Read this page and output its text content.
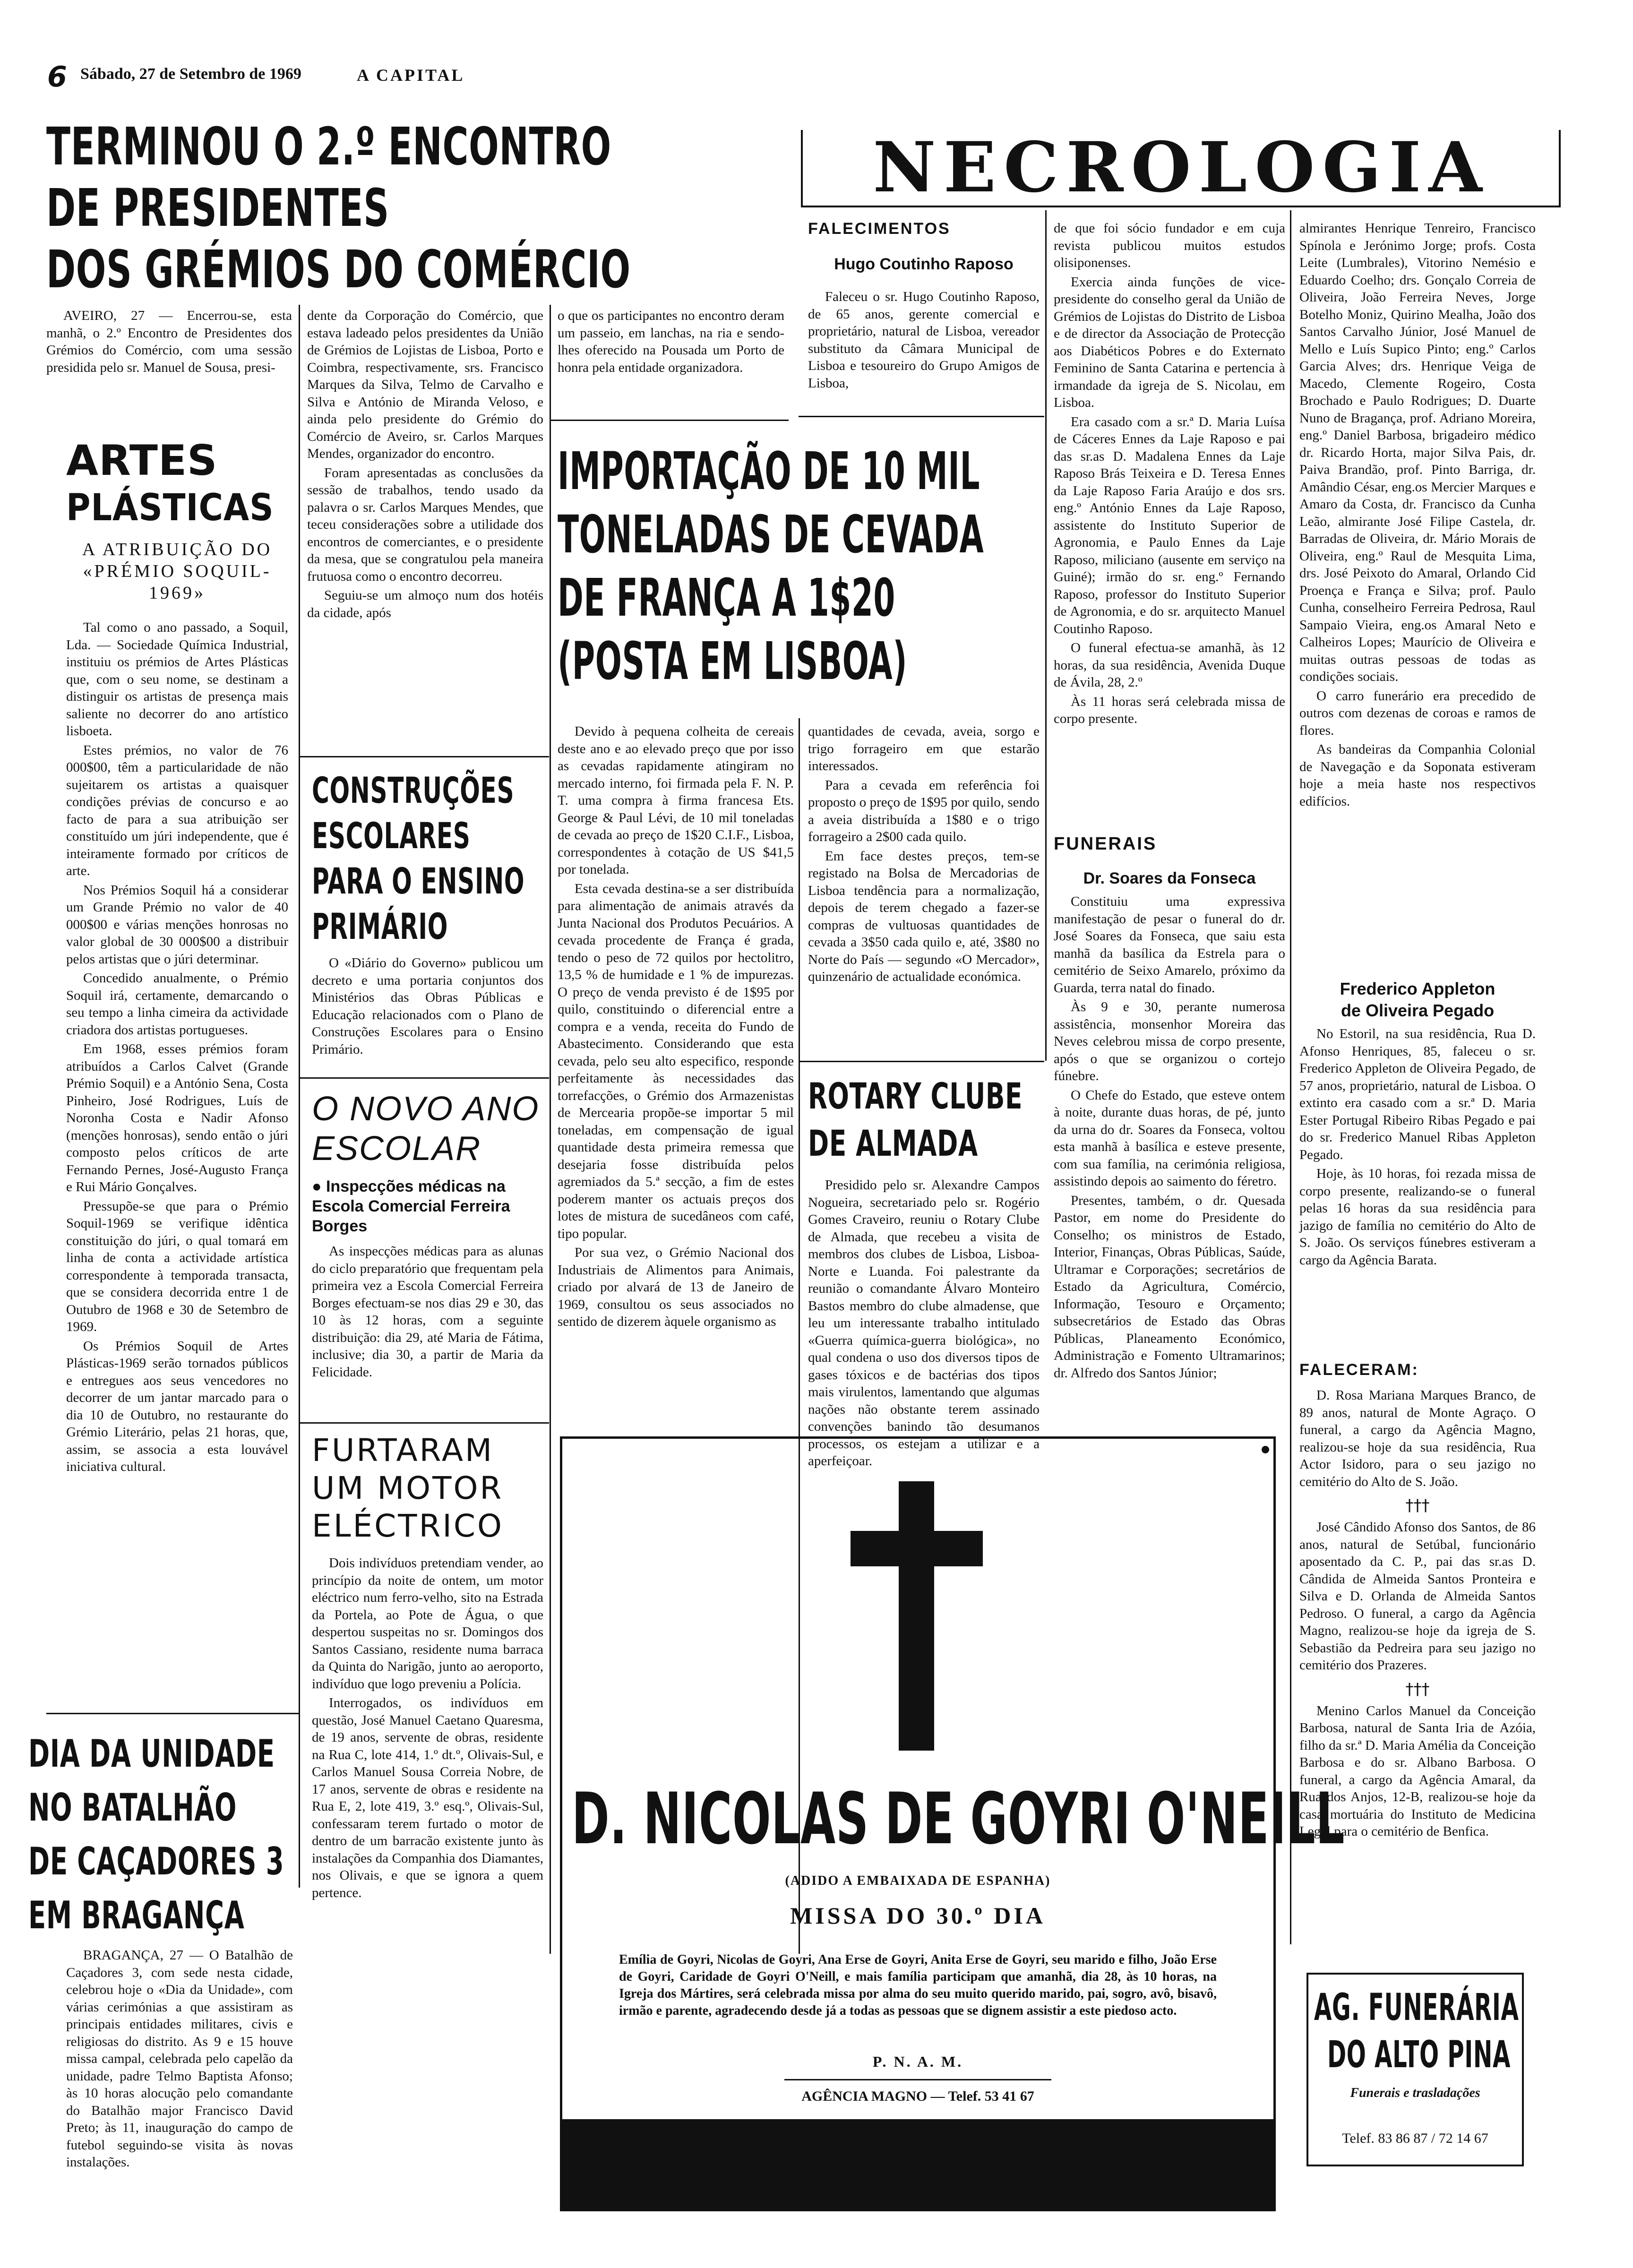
6 Sábado, 27 de Setembro de 1969	A CAPITAL
TERMINOU O 2.º ENCONTRO
DE PRESIDENTES
DOS GRÉMIOS DO COMÉRCIO

AVEIRO, 27 — Encerrou-se, esta manhã, o 2.º Encontro de Presidentes dos Grémios do Comércio, com uma sessão presidida pelo sr. Manuel de Sousa, presi-

dente da Corporação do Comércio, que estava ladeado pelos presidentes da União de Grémios de Lojistas de Lisboa, Porto e Coimbra, respectivamente, srs. Francisco Marques da Silva, Telmo de Carvalho e Silva e António de Miranda Veloso, e ainda pelo presidente do Grémio do Comércio de Aveiro, sr. Carlos Marques Mendes, organizador do encontro.

Foram apresentadas as conclusões da sessão de trabalhos, tendo usado da palavra o sr. Carlos Marques Mendes, que teceu considerações sobre a utilidade dos encontros de comerciantes, e o presidente da mesa, que se congratulou pela maneira frutuosa como o encontro decorreu.

Seguiu-se um almoço num dos hotéis da cidade, após

o que os participantes no encontro deram um passeio, em lanchas, na ria e sendo-lhes oferecido na Pousada um Porto de honra pela entidade organizadora.

ARTES
PLÁSTICAS
A ATRIBUIÇÃO DO «PRÉMIO SOQUIL-1969»

Tal como o ano passado, a Soquil, Lda. — Sociedade Química Industrial, instituiu os prémios de Artes Plásticas que, com o seu nome, se destinam a distinguir os artistas de presença mais saliente no decorrer do ano artístico lisboeta.

Estes prémios, no valor de 76 000$00, têm a particularidade de não sujeitarem os artistas a quaisquer condições prévias de concurso e ao facto de para a sua atribuição ser constituído um júri independente, que é inteiramente formado por críticos de arte.

Nos Prémios Soquil há a considerar um Grande Prémio no valor de 40 000$00 e várias menções honrosas no valor global de 30 000$00 a distribuir pelos artistas que o júri determinar.

Concedido anualmente, o Prémio Soquil irá, certamente, demarcando o seu tempo a linha cimeira da actividade criadora dos artistas portugueses.

Em 1968, esses prémios foram atribuídos a Carlos Calvet (Grande Prémio Soquil) e a António Sena, Costa Pinheiro, José Rodrigues, Luís de Noronha Costa e Nadir Afonso (menções honrosas), sendo então o júri composto pelos críticos de arte Fernando Pernes, José-Augusto França e Rui Mário Gonçalves.

Pressupõe-se que para o Prémio Soquil-1969 se verifique idêntica constituição do júri, o qual tomará em linha de conta a actividade artística correspondente à temporada transacta, que se considera decorrida entre 1 de Outubro de 1968 e 30 de Setembro de 1969.

Os Prémios Soquil de Artes Plásticas-1969 serão tornados públicos e entregues aos seus vencedores no decorrer de um jantar marcado para o dia 10 de Outubro, no restaurante do Grémio Literário, pelas 21 horas, que, assim, se associa a esta louvável iniciativa cultural.

DIA DA UNIDADE
NO BATALHÃO
DE CAÇADORES 3
EM BRAGANÇA

BRAGANÇA, 27 — O Batalhão de Caçadores 3, com sede nesta cidade, celebrou hoje o «Dia da Unidade», com várias cerimónias a que assistiram as principais entidades militares, civis e religiosas do distrito. As 9 e 15 houve missa campal, celebrada pelo capelão da unidade, padre Telmo Baptista Afonso; às 10 horas alocução pelo comandante do Batalhão major Francisco David Preto; às 11, inauguração do campo de futebol seguindo-se visita às novas instalações.

CONSTRUÇÕES
ESCOLARES
PARA O ENSINO
PRIMÁRIO

O «Diário do Governo» publicou um decreto e uma portaria conjuntos dos Ministérios das Obras Públicas e Educação relacionados com o Plano de Construções Escolares para o Ensino Primário.

O NOVO ANO
ESCOLAR
● Inspecções médicas na Escola Comercial Ferreira Borges

As inspecções médicas para as alunas do ciclo preparatório que frequentam pela primeira vez a Escola Comercial Ferreira Borges efectuam-se nos dias 29 e 30, das 10 às 12 horas, com a seguinte distribuição: dia 29, até Maria de Fátima, inclusive; dia 30, a partir de Maria da Felicidade.

FURTARAM
UM MOTOR
ELÉCTRICO

Dois indivíduos pretendiam vender, ao princípio da noite de ontem, um motor eléctrico num ferro-velho, sito na Estrada da Portela, ao Pote de Água, o que despertou suspeitas no sr. Domingos dos Santos Cassiano, residente numa barraca da Quinta do Narigão, junto ao aeroporto, indivíduo que logo preveniu a Polícia.

Interrogados, os indivíduos em questão, José Manuel Caetano Quaresma, de 19 anos, servente de obras, residente na Rua C, lote 414, 1.º dt.º, Olivais-Sul, e Carlos Manuel Sousa Correia Nobre, de 17 anos, servente de obras e residente na Rua E, 2, lote 419, 3.º esq.º, Olivais-Sul, confessaram terem furtado o motor de dentro de um barracão existente junto às instalações da Companhia dos Diamantes, nos Olivais, e que se ignora a quem pertence.

IMPORTAÇÃO DE 10 MIL
TONELADAS DE CEVADA
DE FRANÇA A 1$20
(POSTA EM LISBOA)

Devido à pequena colheita de cereais deste ano e ao elevado preço que por isso as cevadas rapidamente atingiram no mercado interno, foi firmada pela F. N. P. T. uma compra à firma francesa Ets. George & Paul Lévi, de 10 mil toneladas de cevada ao preço de 1$20 C.I.F., Lisboa, correspondentes à cotação de US $41,5 por tonelada.

Esta cevada destina-se a ser distribuída para alimentação de animais através da Junta Nacional dos Produtos Pecuários. A cevada procedente de França é grada, tendo o peso de 72 quilos por hectolitro, 13,5 % de humidade e 1 % de impurezas. O preço de venda previsto é de 1$95 por quilo, constituindo o diferencial entre a compra e a venda, receita do Fundo de Abastecimento. Considerando que esta cevada, pelo seu alto especifico, responde perfeitamente às necessidades das torrefacções, o Grémio dos Armazenistas de Mercearia propõe-se importar 5 mil toneladas, em compensação de igual quantidade desta primeira remessa que desejaria fosse distribuída pelos agremiados da 5.ª secção, a fim de estes poderem manter os actuais preços dos lotes de mistura de sucedâneos com café, tipo popular.

Por sua vez, o Grémio Nacional dos Industriais de Alimentos para Animais, criado por alvará de 13 de Janeiro de 1969, consultou os seus associados no sentido de dizerem àquele organismo as

quantidades de cevada, aveia, sorgo e trigo forrageiro em que estarão interessados.

Para a cevada em referência foi proposto o preço de 1$95 por quilo, sendo a aveia distribuída a 1$80 e o trigo forrageiro a 2$00 cada quilo.

Em face destes preços, tem-se registado na Bolsa de Mercadorias de Lisboa tendência para a normalização, depois de terem chegado a fazer-se compras de vultuosas quantidades de cevada a 3$50 cada quilo e, até, 3$80 no Norte do País — segundo «O Mercador», quinzenário de actualidade económica.

ROTARY CLUBE
DE ALMADA

Presidido pelo sr. Alexandre Campos Nogueira, secretariado pelo sr. Rogério Gomes Craveiro, reuniu o Rotary Clube de Almada, que recebeu a visita de membros dos clubes de Lisboa, Lisboa-Norte e Luanda. Foi palestrante da reunião o comandante Álvaro Monteiro Bastos membro do clube almadense, que leu um interessante trabalho intitulado «Guerra química-guerra biológica», no qual condena o uso dos diversos tipos de gases tóxicos e de bactérias dos tipos mais virulentos, lamentando que algumas nações não obstante terem assinado convenções banindo tão desumanos processos, os estejam a utilizar e a aperfeiçoar.

NECROLOGIA
FALECIMENTOS
Hugo Coutinho Raposo

Faleceu o sr. Hugo Coutinho Raposo, de 65 anos, gerente comercial e proprietário, natural de Lisboa, vereador substituto da Câmara Municipal de Lisboa e tesoureiro do Grupo Amigos de Lisboa,

de que foi sócio fundador e em cuja revista publicou muitos estudos olisiponenses.

Exercia ainda funções de vice-presidente do conselho geral da União de Grémios de Lojistas do Distrito de Lisboa e de director da Associação de Protecção aos Diabéticos Pobres e do Externato Feminino de Santa Catarina e pertencia à irmandade da igreja de S. Nicolau, em Lisboa.

Era casado com a sr.ª D. Maria Luísa de Cáceres Ennes da Laje Raposo e pai das sr.as D. Madalena Ennes da Laje Raposo Brás Teixeira e D. Teresa Ennes da Laje Raposo Faria Araújo e dos srs. eng.º António Ennes da Laje Raposo, assistente do Instituto Superior de Agronomia, e Paulo Ennes da Laje Raposo, miliciano (ausente em serviço na Guiné); irmão do sr. eng.º Fernando Raposo, professor do Instituto Superior de Agronomia, e do sr. arquitecto Manuel Coutinho Raposo.

O funeral efectua-se amanhã, às 12 horas, da sua residência, Avenida Duque de Ávila, 28, 2.º

Às 11 horas será celebrada missa de corpo presente.

FUNERAIS
Dr. Soares da Fonseca

Constituiu uma expressiva manifestação de pesar o funeral do dr. José Soares da Fonseca, que saiu esta manhã da basílica da Estrela para o cemitério de Seixo Amarelo, próximo da Guarda, terra natal do finado.

Às 9 e 30, perante numerosa assistência, monsenhor Moreira das Neves celebrou missa de corpo presente, após o que se organizou o cortejo fúnebre.

O Chefe do Estado, que esteve ontem à noite, durante duas horas, de pé, junto da urna do dr. Soares da Fonseca, voltou esta manhã à basílica e esteve presente, com sua família, na cerimónia religiosa, assistindo depois ao saimento do féretro.

Presentes, também, o dr. Quesada Pastor, em nome do Presidente do Conselho; os ministros de Estado, Interior, Finanças, Obras Públicas, Saúde, Ultramar e Corporações; secretários de Estado da Agricultura, Comércio, Informação, Tesouro e Orçamento; subsecretários de Estado das Obras Públicas, Planeamento Económico, Administração e Fomento Ultramarinos; dr. Alfredo dos Santos Júnior;

almirantes Henrique Tenreiro, Francisco Spínola e Jerónimo Jorge; profs. Costa Leite (Lumbrales), Vitorino Nemésio e Eduardo Coelho; drs. Gonçalo Correia de Oliveira, João Ferreira Neves, Jorge Botelho Moniz, Quirino Mealha, João dos Santos Carvalho Júnior, José Manuel de Mello e Luís Supico Pinto; eng.º Carlos Garcia Alves; drs. Henrique Veiga de Macedo, Clemente Rogeiro, Costa Brochado e Paulo Rodrigues; D. Duarte Nuno de Bragança, prof. Adriano Moreira, eng.º Daniel Barbosa, brigadeiro médico dr. Ricardo Horta, major Silva Pais, dr. Paiva Brandão, prof. Pinto Barriga, dr. Amândio César, eng.os Mercier Marques e Amaro da Costa, dr. Francisco da Cunha Leão, almirante José Filipe Castela, dr. Barradas de Oliveira, dr. Mário Morais de Oliveira, eng.º Raul de Mesquita Lima, drs. José Peixoto do Amaral, Orlando Cid Proença e França e Silva; prof. Paulo Cunha, conselheiro Ferreira Pedrosa, Raul Sampaio Vieira, eng.os Amaral Neto e Calheiros Lopes; Maurício de Oliveira e muitas outras pessoas de todas as condições sociais.

O carro funerário era precedido de outros com dezenas de coroas e ramos de flores.

As bandeiras da Companhia Colonial de Navegação e da Soponata estiveram hoje a meia haste nos respectivos edifícios.

Frederico Appleton
de Oliveira Pegado

No Estoril, na sua residência, Rua D. Afonso Henriques, 85, faleceu o sr. Frederico Appleton de Oliveira Pegado, de 57 anos, proprietário, natural de Lisboa. O extinto era casado com a sr.ª D. Maria Ester Portugal Ribeiro Ribas Pegado e pai do sr. Frederico Manuel Ribas Appleton Pegado.

Hoje, às 10 horas, foi rezada missa de corpo presente, realizando-se o funeral pelas 16 horas da sua residência para jazigo de família no cemitério do Alto de S. João. Os serviços fúnebres estiveram a cargo da Agência Barata.

FALECERAM:

D. Rosa Mariana Marques Branco, de 89 anos, natural de Monte Agraço. O funeral, a cargo da Agência Magno, realizou-se hoje da sua residência, Rua Actor Isidoro, para o seu jazigo no cemitério do Alto de S. João.

†††

José Cândido Afonso dos Santos, de 86 anos, natural de Setúbal, funcionário aposentado da C. P., pai das sr.as D. Cândida de Almeida Santos Pronteira e Silva e D. Orlanda de Almeida Santos Pedroso. O funeral, a cargo da Agência Magno, realizou-se hoje da igreja de S. Sebastião da Pedreira para seu jazigo no cemitério dos Prazeres.

†††

Menino Carlos Manuel da Conceição Barbosa, natural de Santa Iria de Azóia, filho da sr.ª D. Maria Amélia da Conceição Barbosa e do sr. Albano Barbosa. O funeral, a cargo da Agência Amaral, da Rua dos Anjos, 12-B, realizou-se hoje da casa mortuária do Instituto de Medicina Legal para o cemitério de Benfica.

D. NICOLAS DE GOYRI O'NEILL
(ADIDO A EMBAIXADA DE ESPANHA)
MISSA DO 30.º DIA
Emília de Goyri, Nicolas de Goyri, Ana Erse de Goyri, Anita Erse de Goyri, seu marido e filho, João Erse de Goyri, Caridade de Goyri O'Neill, e mais família participam que amanhã, dia 28, às 10 horas, na Igreja dos Mártires, será celebrada missa por alma do seu muito querido marido, pai, sogro, avô, bisavô, irmão e parente, agradecendo desde já a todas as pessoas que se dignem assistir a este piedoso acto.
P. N. A. M.
AGÊNCIA MAGNO — Telef. 53 41 67
AG. FUNERÁRIA
DO ALTO PINA
Funerais e trasladações
Telef. 83 86 87 / 72 14 67
